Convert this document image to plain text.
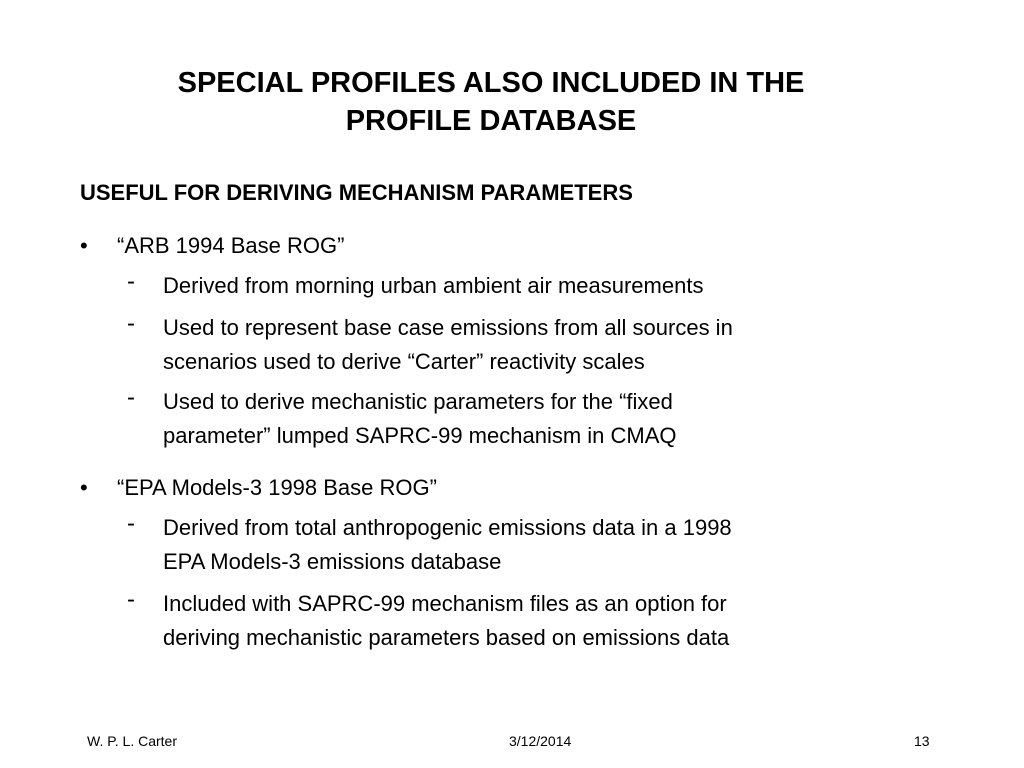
SPECIAL PROFILES ALSO INCLUDED IN THE
PROFILE DATABASE
USEFUL FOR DERIVING MECHANISM PARAMETERS
•	“ARB 1994 Base ROG”
- Derived from morning urban ambient air measurements
- Used to represent base case emissions from all sources in
scenarios used to derive “Carter” reactivity scales
- Used to derive mechanistic parameters for the “fixed
parameter” lumped SAPRC-99 mechanism in CMAQ
•	“EPA Models-3 1998 Base ROG”
- Derived from total anthropogenic emissions data in a 1998
EPA Models-3 emissions database
- Included with SAPRC-99 mechanism files as an option for
deriving mechanistic parameters based on emissions data
W. P. L. Carter	3/12/2014	13
